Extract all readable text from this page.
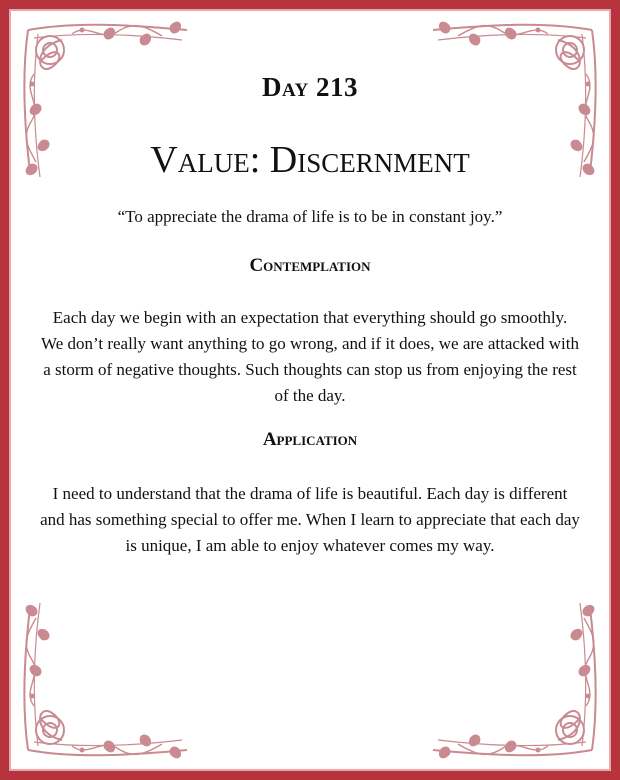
Day 213
Value: Discernment

“To appreciate the drama of life is to be in constant joy.”

Contemplation

Each day we begin with an expectation that everything should go smoothly. We don’t really want anything to go wrong, and if it does, we are attacked with a storm of negative thoughts. Such thoughts can stop us from enjoying the rest of the day.

Application

I need to understand that the drama of life is beautiful. Each day is different and has something special to offer me. When I learn to appreciate that each day is unique, I am able to enjoy whatever comes my way.
